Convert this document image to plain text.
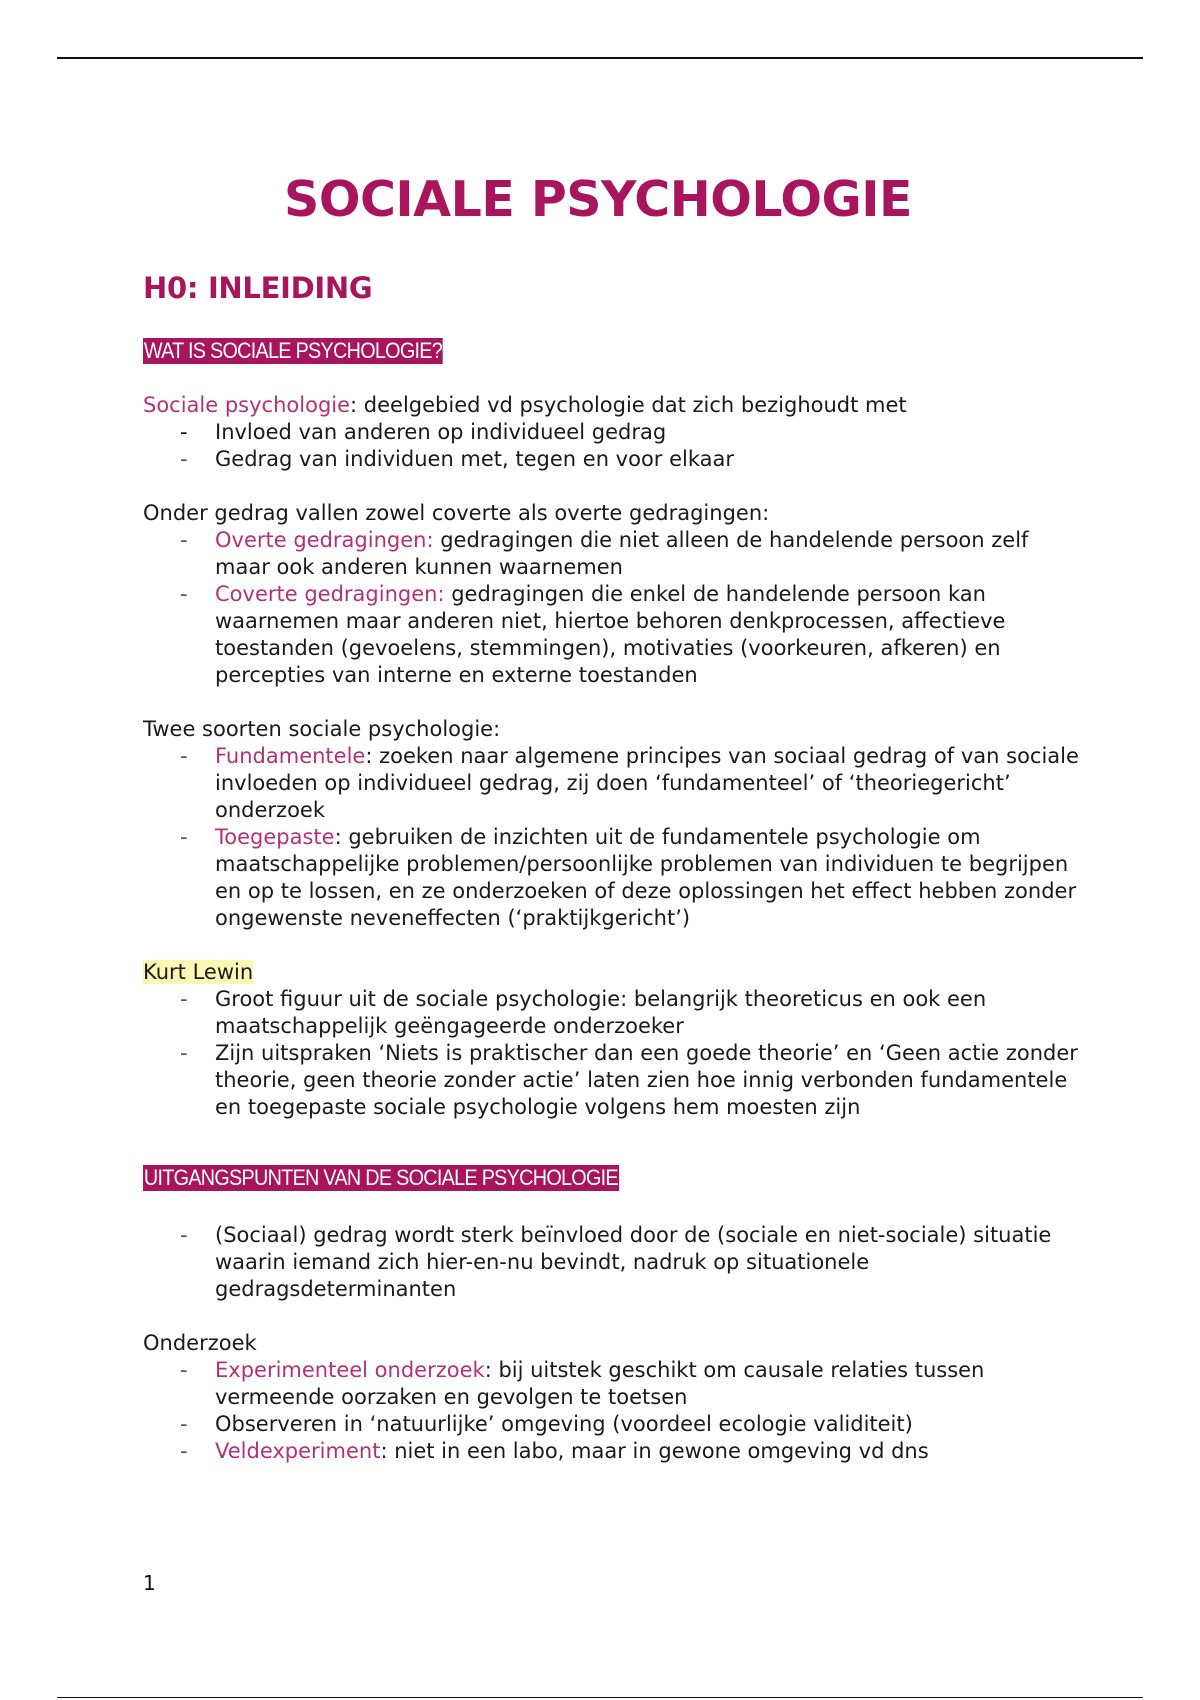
SOCIALE PSYCHOLOGIE
H0: INLEIDING
WAT IS SOCIALE PSYCHOLOGIE?

Sociale psychologie: deelgebied vd psychologie dat zich bezighoudt met

- Invloed van anderen op individueel gedrag
- Gedrag van individuen met, tegen en voor elkaar

Onder gedrag vallen zowel coverte als overte gedragingen:

- Overte gedragingen: gedragingen die niet alleen de handelende persoon zelf maar ook anderen kunnen waarnemen
- Coverte gedragingen: gedragingen die enkel de handelende persoon kan waarnemen maar anderen niet, hiertoe behoren denkprocessen, affectieve toestanden (gevoelens, stemmingen), motivaties (voorkeuren, afkeren) en percepties van interne en externe toestanden

Twee soorten sociale psychologie:

- Fundamentele: zoeken naar algemene principes van sociaal gedrag of van sociale invloeden op individueel gedrag, zij doen ‘fundamenteel’ of ‘theoriegericht’ onderzoek
- Toegepaste: gebruiken de inzichten uit de fundamentele psychologie om maatschappelijke problemen/persoonlijke problemen van individuen te begrijpen en op te lossen, en ze onderzoeken of deze oplossingen het effect hebben zonder ongewenste neveneffecten (‘praktijkgericht’)

Kurt Lewin

- Groot figuur uit de sociale psychologie: belangrijk theoreticus en ook een maatschappelijk geëngageerde onderzoeker
- Zijn uitspraken ‘Niets is praktischer dan een goede theorie’ en ‘Geen actie zonder theorie, geen theorie zonder actie’ laten zien hoe innig verbonden fundamentele en toegepaste sociale psychologie volgens hem moesten zijn
UITGANGSPUNTEN VAN DE SOCIALE PSYCHOLOGIE
- (Sociaal) gedrag wordt sterk beïnvloed door de (sociale en niet-sociale) situatie waarin iemand zich hier-en-nu bevindt, nadruk op situationele gedragsdeterminanten

Onderzoek

- Experimenteel onderzoek: bij uitstek geschikt om causale relaties tussen vermeende oorzaken en gevolgen te toetsen
- Observeren in ‘natuurlijke’ omgeving (voordeel ecologie validiteit)
- Veldexperiment: niet in een labo, maar in gewone omgeving vd dns
1
